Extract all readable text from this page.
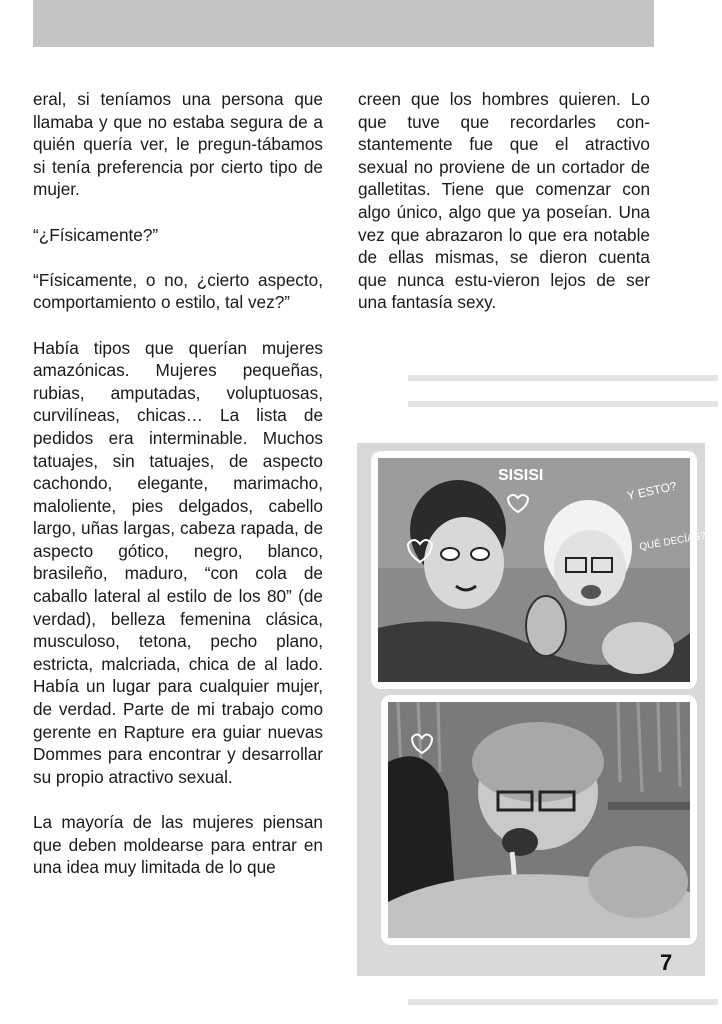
eral, si teníamos una persona que llamaba y que no estaba segura de a quién quería ver, le pregun-tábamos si tenía preferencia por cierto tipo de mujer.

“¿Físicamente?”

“Físicamente, o no, ¿cierto aspecto, comportamiento o estilo, tal vez?”

Había tipos que querían mujeres amazónicas. Mujeres pequeñas, rubias, amputadas, voluptuosas, curvilíneas, chicas… La lista de pedidos era interminable. Muchos tatuajes, sin tatuajes, de aspecto cachondo, elegante, marimacho, maloliente, pies delgados, cabello largo, uñas largas, cabeza rapada, de aspecto gótico, negro, blanco, brasileño, maduro, “con cola de caballo lateral al estilo de los 80” (de verdad), belleza femenina clásica, musculoso, tetona, pecho plano, estricta, malcriada, chica de al lado. Había un lugar para cualquier mujer, de verdad. Parte de mi trabajo como gerente en Rapture era guiar nuevas Dommes para encontrar y desarrollar su propio atractivo sexual.

La mayoría de las mujeres piensan que deben moldearse para entrar en una idea muy limitada de lo que

creen que los hombres quieren. Lo que tuve que recordarles con-stantemente fue que el atractivo sexual no proviene de un cortador de galletitas. Tiene que comenzar con algo único, algo que ya poseían. Una vez que abrazaron lo que era notable de ellas mismas, se dieron cuenta que nunca estu-vieron lejos de ser una fantasía sexy.

SISISI
Y ESTO?
QUÉ DECÍAS?
7
